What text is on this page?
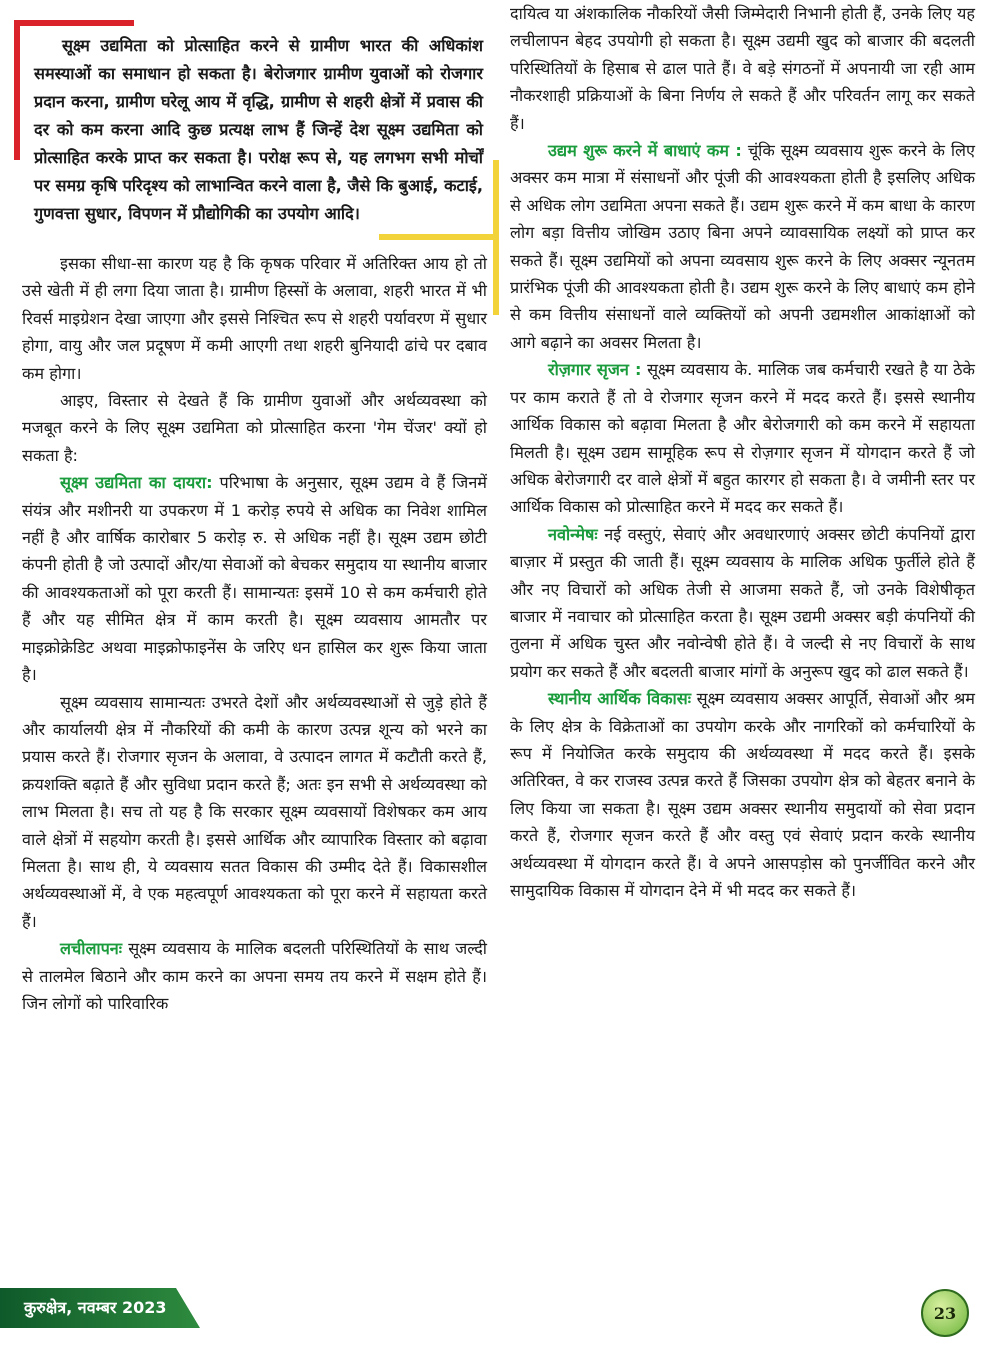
सूक्ष्म उद्यमिता को प्रोत्साहित करने से ग्रामीण भारत की अधिकांश समस्याओं का समाधान हो सकता है। बेरोजगार ग्रामीण युवाओं को रोजगार प्रदान करना, ग्रामीण घरेलू आय में वृद्धि, ग्रामीण से शहरी क्षेत्रों में प्रवास की दर को कम करना आदि कुछ प्रत्यक्ष लाभ हैं जिन्हें देश सूक्ष्म उद्यमिता को प्रोत्साहित करके प्राप्त कर सकता है। परोक्ष रूप से, यह लगभग सभी मोर्चों पर समग्र कृषि परिदृश्य को लाभान्वित करने वाला है, जैसे कि बुआई, कटाई, गुणवत्ता सुधार, विपणन में प्रौद्योगिकी का उपयोग आदि।

इसका सीधा-सा कारण यह है कि कृषक परिवार में अतिरिक्त आय हो तो उसे खेती में ही लगा दिया जाता है। ग्रामीण हिस्सों के अलावा, शहरी भारत में भी रिवर्स माइग्रेशन देखा जाएगा और इससे निश्चित रूप से शहरी पर्यावरण में सुधार होगा, वायु और जल प्रदूषण में कमी आएगी तथा शहरी बुनियादी ढांचे पर दबाव कम होगा।

आइए, विस्तार से देखते हैं कि ग्रामीण युवाओं और अर्थव्यवस्था को मजबूत करने के लिए सूक्ष्म उद्यमिता को प्रोत्साहित करना 'गेम चेंजर' क्यों हो सकता है:

सूक्ष्म उद्यमिता का दायरा: परिभाषा के अनुसार, सूक्ष्म उद्यम वे हैं जिनमें संयंत्र और मशीनरी या उपकरण में 1 करोड़ रुपये से अधिक का निवेश शामिल नहीं है और वार्षिक कारोबार 5 करोड़ रु. से अधिक नहीं है। सूक्ष्म उद्यम छोटी कंपनी होती है जो उत्पादों और/या सेवाओं को बेचकर समुदाय या स्थानीय बाजार की आवश्यकताओं को पूरा करती हैं। सामान्यतः इसमें 10 से कम कर्मचारी होते हैं और यह सीमित क्षेत्र में काम करती है। सूक्ष्म व्यवसाय आमतौर पर माइक्रोक्रेडिट अथवा माइक्रोफाइनेंस के जरिए धन हासिल कर शुरू किया जाता है।

सूक्ष्म व्यवसाय सामान्यतः उभरते देशों और अर्थव्यवस्थाओं से जुड़े होते हैं और कार्यालयी क्षेत्र में नौकरियों की कमी के कारण उत्पन्न शून्य को भरने का प्रयास करते हैं। रोजगार सृजन के अलावा, वे उत्पादन लागत में कटौती करते हैं, क्रयशक्ति बढ़ाते हैं और सुविधा प्रदान करते हैं; अतः इन सभी से अर्थव्यवस्था को लाभ मिलता है। सच तो यह है कि सरकार सूक्ष्म व्यवसायों विशेषकर कम आय वाले क्षेत्रों में सहयोग करती है। इससे आर्थिक और व्यापारिक विस्तार को बढ़ावा मिलता है। साथ ही, ये व्यवसाय सतत विकास की उम्मीद देते हैं। विकासशील अर्थव्यवस्थाओं में, वे एक महत्वपूर्ण आवश्यकता को पूरा करने में सहायता करते हैं।

लचीलापनः सूक्ष्म व्यवसाय के मालिक बदलती परिस्थितियों के साथ जल्दी से तालमेल बिठाने और काम करने का अपना समय तय करने में सक्षम होते हैं। जिन लोगों को पारिवारिक

दायित्व या अंशकालिक नौकरियों जैसी जिम्मेदारी निभानी होती हैं, उनके लिए यह लचीलापन बेहद उपयोगी हो सकता है। सूक्ष्म उद्यमी खुद को बाजार की बदलती परिस्थितियों के हिसाब से ढाल पाते हैं। वे बड़े संगठनों में अपनायी जा रही आम नौकरशाही प्रक्रियाओं के बिना निर्णय ले सकते हैं और परिवर्तन लागू कर सकते हैं।

उद्यम शुरू करने में बाधाएं कम : चूंकि सूक्ष्म व्यवसाय शुरू करने के लिए अक्सर कम मात्रा में संसाधनों और पूंजी की आवश्यकता होती है इसलिए अधिक से अधिक लोग उद्यमिता अपना सकते हैं। उद्यम शुरू करने में कम बाधा के कारण लोग बड़ा वित्तीय जोखिम उठाए बिना अपने व्यावसायिक लक्ष्यों को प्राप्त कर सकते हैं। सूक्ष्म उद्यमियों को अपना व्यवसाय शुरू करने के लिए अक्सर न्यूनतम प्रारंभिक पूंजी की आवश्यकता होती है। उद्यम शुरू करने के लिए बाधाएं कम होने से कम वित्तीय संसाधनों वाले व्यक्तियों को अपनी उद्यमशील आकांक्षाओं को आगे बढ़ाने का अवसर मिलता है।

रोज़गार सृजन : सूक्ष्म व्यवसाय के. मालिक जब कर्मचारी रखते है या ठेके पर काम कराते हैं तो वे रोजगार सृजन करने में मदद करते हैं। इससे स्थानीय आर्थिक विकास को बढ़ावा मिलता है और बेरोजगारी को कम करने में सहायता मिलती है। सूक्ष्म उद्यम सामूहिक रूप से रोज़गार सृजन में योगदान करते हैं जो अधिक बेरोजगारी दर वाले क्षेत्रों में बहुत कारगर हो सकता है। वे जमीनी स्तर पर आर्थिक विकास को प्रोत्साहित करने में मदद कर सकते हैं।

नवोन्मेषः नई वस्तुएं, सेवाएं और अवधारणाएं अक्सर छोटी कंपनियों द्वारा बाज़ार में प्रस्तुत की जाती हैं। सूक्ष्म व्यवसाय के मालिक अधिक फुर्तीले होते हैं और नए विचारों को अधिक तेजी से आजमा सकते हैं, जो उनके विशेषीकृत बाजार में नवाचार को प्रोत्साहित करता है। सूक्ष्म उद्यमी अक्सर बड़ी कंपनियों की तुलना में अधिक चुस्त और नवोन्वेषी होते हैं। वे जल्दी से नए विचारों के साथ प्रयोग कर सकते हैं और बदलती बाजार मांगों के अनुरूप खुद को ढाल सकते हैं।

स्थानीय आर्थिक विकासः सूक्ष्म व्यवसाय अक्सर आपूर्ति, सेवाओं और श्रम के लिए क्षेत्र के विक्रेताओं का उपयोग करके और नागरिकों को कर्मचारियों के रूप में नियोजित करके समुदाय की अर्थव्यवस्था में मदद करते हैं। इसके अतिरिक्त, वे कर राजस्व उत्पन्न करते हैं जिसका उपयोग क्षेत्र को बेहतर बनाने के लिए किया जा सकता है। सूक्ष्म उद्यम अक्सर स्थानीय समुदायों को सेवा प्रदान करते हैं, रोजगार सृजन करते हैं और वस्तु एवं सेवाएं प्रदान करके स्थानीय अर्थव्यवस्था में योगदान करते हैं। वे अपने आसपड़ोस को पुनर्जीवित करने और सामुदायिक विकास में योगदान देने में भी मदद कर सकते हैं।

कुरुक्षेत्र, नवम्बर 2023	23
